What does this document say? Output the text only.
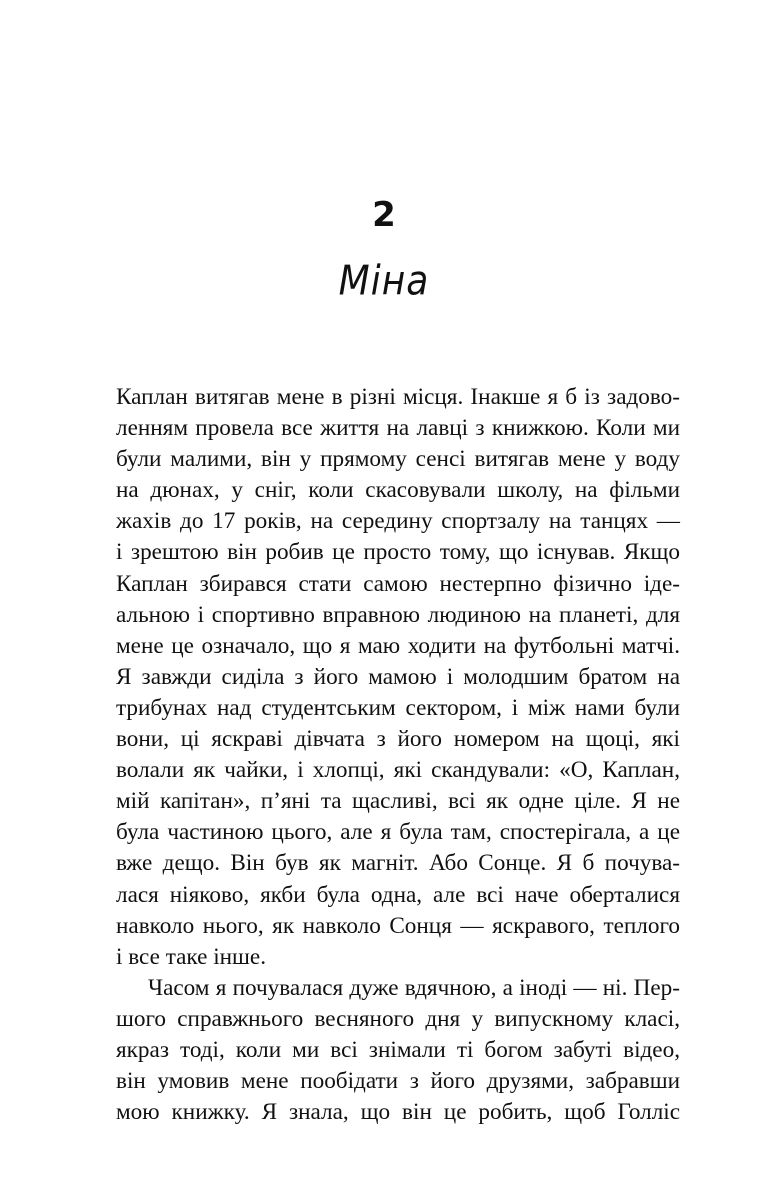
2
Міна
Каплан витягав мене в різні місця. Інакше я б із задово-
ленням провела все життя на лавці з книжкою. Коли ми
були малими, він у прямому сенсі витягав мене у воду
на дюнах, у сніг, коли скасовували школу, на фільми
жахів до 17 років, на середину спортзалу на танцях —
і зрештою він робив це просто тому, що існував. Якщо
Каплан збирався стати самою нестерпно фізично іде-
альною і спортивно вправною людиною на планеті, для
мене це означало, що я маю ходити на футбольні матчі.
Я завжди сиділа з його мамою і молодшим братом на
трибунах над студентським сектором, і між нами були
вони, ці яскраві дівчата з його номером на щоці, які
волали як чайки, і хлопці, які скандували: «О, Каплан,
мій капітан», п’яні та щасливі, всі як одне ціле. Я не
була частиною цього, але я була там, спостерігала, а це
вже дещо. Він був як магніт. Або Сонце. Я б почува-
лася ніяково, якби була одна, але всі наче оберталися
навколо нього, як навколо Сонця — яскравого, теплого
і все таке інше.
Часом я почувалася дуже вдячною, а іноді — ні. Пер-
шого справжнього весняного дня у випускному класі,
якраз тоді, коли ми всі знімали ті богом забуті відео,
він умовив мене пообідати з його друзями, забравши
мою книжку. Я знала, що він це робить, щоб Голліс
